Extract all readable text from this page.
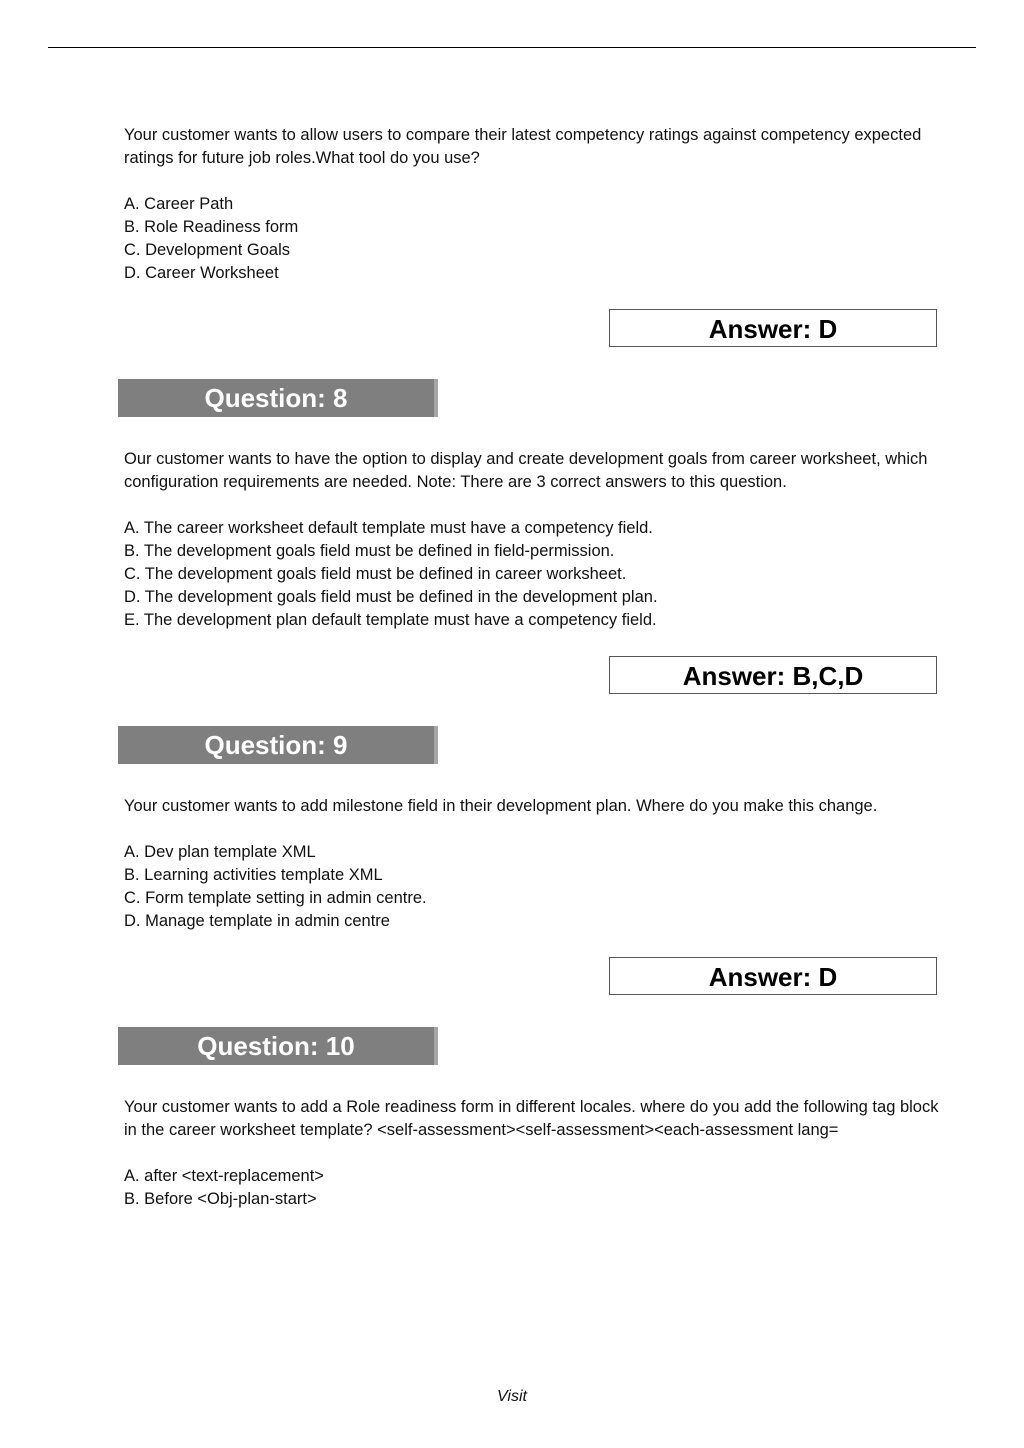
Your customer wants to allow users to compare their latest competency ratings against competency expected ratings for future job roles.What tool do you use?

A. Career Path
B. Role Readiness form
C. Development Goals
D. Career Worksheet
Answer: D
Question: 8

Our customer wants to have the option to display and create development goals from career worksheet, which configuration requirements are needed. Note: There are 3 correct answers to this question.

A. The career worksheet default template must have a competency field.
B. The development goals field must be defined in field-permission.
C. The development goals field must be defined in career worksheet.
D. The development goals field must be defined in the development plan.
E. The development plan default template must have a competency field.
Answer: B,C,D
Question: 9

Your customer wants to add milestone field in their development plan. Where do you make this change.

A. Dev plan template XML
B. Learning activities template XML
C. Form template setting in admin centre.
D. Manage template in admin centre
Answer: D
Question: 10

Your customer wants to add a Role readiness form in different locales. where do you add the following tag block in the career worksheet template? <self-assessment><self-assessment><each-assessment lang=

A. after <text-replacement>
B. Before <Obj-plan-start>
Visit
